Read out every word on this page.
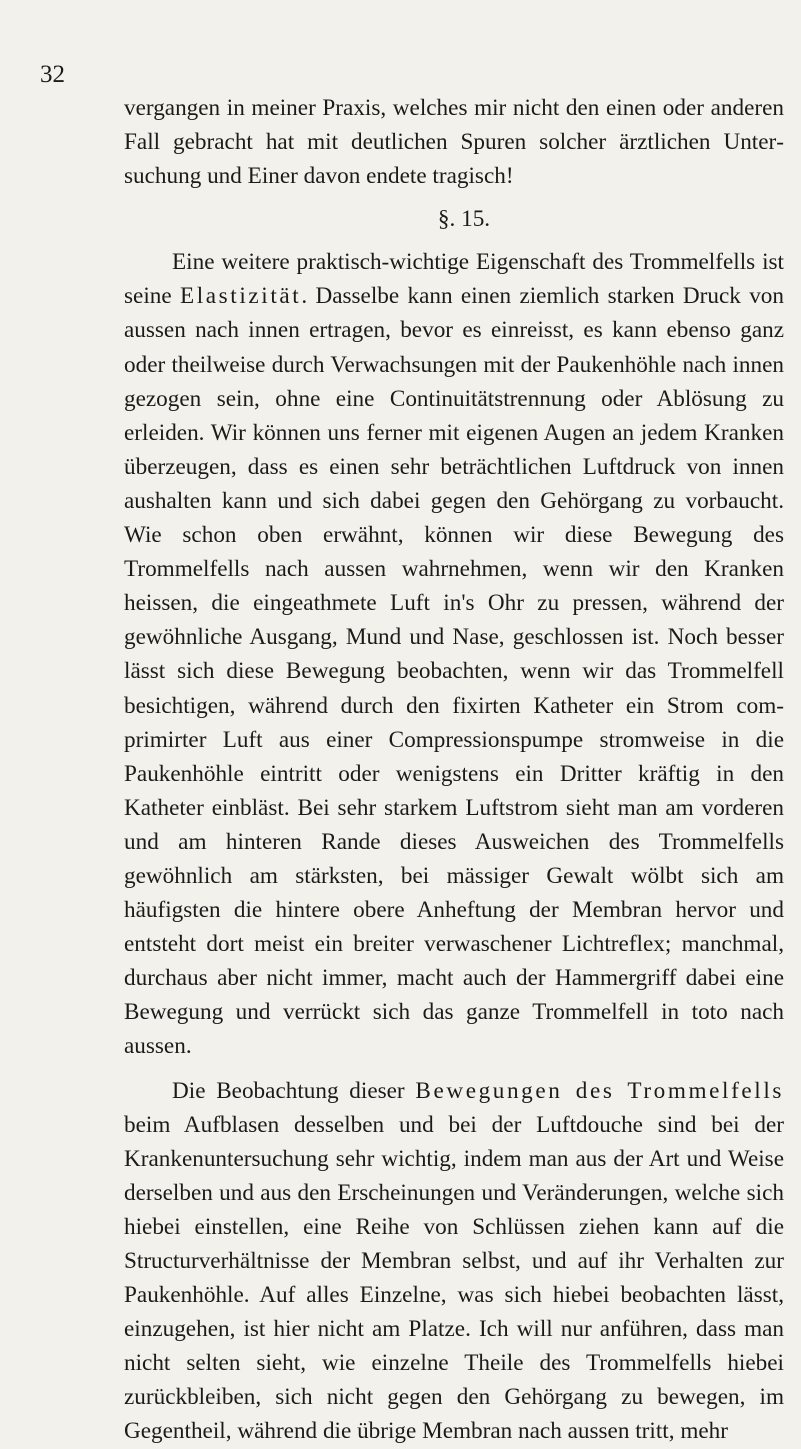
32

vergangen in meiner Praxis, welches mir nicht den einen oder anderen Fall gebracht hat mit deutlichen Spuren solcher ärztlichen Untersuchung und Einer davon endete tragisch!

§. 15.

Eine weitere praktisch-wichtige Eigenschaft des Trommelfells ist seine Elastizität. Dasselbe kann einen ziemlich starken Druck von aussen nach innen ertragen, bevor es einreisst, es kann ebenso ganz oder theilweise durch Verwachsungen mit der Paukenhöhle nach innen gezogen sein, ohne eine Continuitätstrennung oder Ablösung zu erleiden. Wir können uns ferner mit eigenen Augen an jedem Kranken überzeugen, dass es einen sehr beträchtlichen Luftdruck von innen aushalten kann und sich dabei gegen den Gehörgang zu vorbaucht. Wie schon oben erwähnt, können wir diese Bewegung des Trommelfells nach aussen wahrnehmen, wenn wir den Kranken heissen, die eingeathmete Luft in's Ohr zu pressen, während der gewöhnliche Ausgang, Mund und Nase, geschlossen ist. Noch besser lässt sich diese Bewegung beobachten, wenn wir das Trommelfell besichtigen, während durch den fixirten Katheter ein Strom comprimirter Luft aus einer Compressionspumpe stromweise in die Paukenhöhle eintritt oder wenigstens ein Dritter kräftig in den Katheter einbläst. Bei sehr starkem Luftstrom sieht man am vorderen und am hinteren Rande dieses Ausweichen des Trommelfells gewöhnlich am stärksten, bei mässiger Gewalt wölbt sich am häufigsten die hintere obere Anheftung der Membran hervor und entsteht dort meist ein breiter verwaschener Lichtreflex; manchmal, durchaus aber nicht immer, macht auch der Hammergriff dabei eine Bewegung und verrückt sich das ganze Trommelfell in toto nach aussen.

Die Beobachtung dieser Bewegungen des Trommelfells beim Aufblasen desselben und bei der Luftdouche sind bei der Krankenuntersuchung sehr wichtig, indem man aus der Art und Weise derselben und aus den Erscheinungen und Veränderungen, welche sich hiebei einstellen, eine Reihe von Schlüssen ziehen kann auf die Structurverhältnisse der Membran selbst, und auf ihr Verhalten zur Paukenhöhle. Auf alles Einzelne, was sich hiebei beobachten lässt, einzugehen, ist hier nicht am Platze. Ich will nur anführen, dass man nicht selten sieht, wie einzelne Theile des Trommelfells hiebei zurückbleiben, sich nicht gegen den Gehörgang zu bewegen, im Gegentheil, während die übrige Membran nach aussen tritt, mehr
